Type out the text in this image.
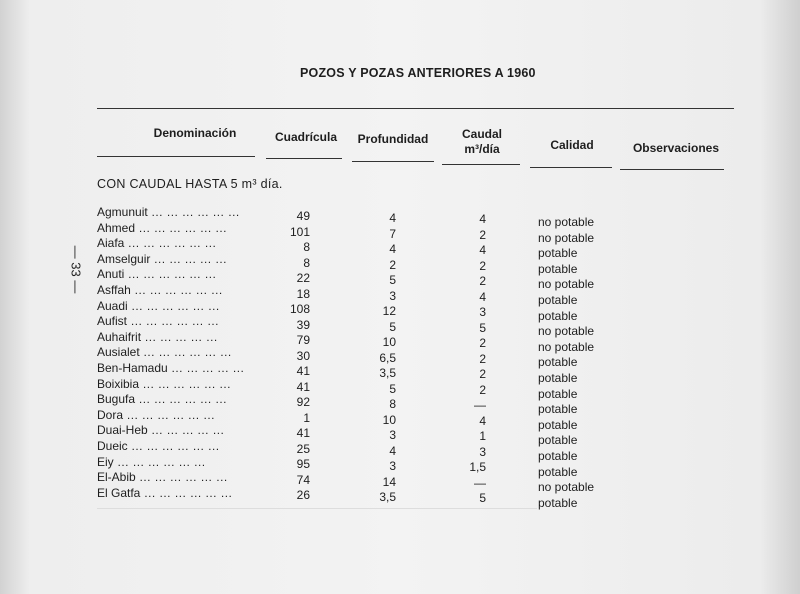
POZOS Y POZAS ANTERIORES A 1960
Denominación	Cuadrícula	Profundidad	Caudal
m³/día	Calidad	Observaciones
CON CAUDAL HASTA 5 m³ día.
— 33 —
Agmunuit … … … … … …	49	4	4	no potable
Ahmed … … … … … …	101	7	2	no potable
Aiafa … … … … … …	8	4	4	potable
Amselguir … … … … …	8	2	2	potable
Anuti … … … … … …	22	5	2	no potable
Asffah … … … … … …	18	3	4	potable
Auadi … … … … … …	108	12	3	potable
Aufist … … … … … …	39	5	5	no potable
Auhaifrit … … … … …	79	10	2	no potable
Ausialet … … … … … …	30	6,5	2	potable
Ben-Hamadu … … … … …	41	3,5	2	potable
Boixibia … … … … … …	41	5	2	potable
Bugufa … … … … … …	92	8	—	potable
Dora … … … … … …	1	10	4	potable
Duai-Heb … … … … …	41	3	1	potable
Dueic … … … … … …	25	4	3	potable
Eiy … … … … … …	95	3	1,5	potable
El-Abib … … … … … …	74	14	—	no potable
El Gatfa … … … … … …	26	3,5	5	potable
